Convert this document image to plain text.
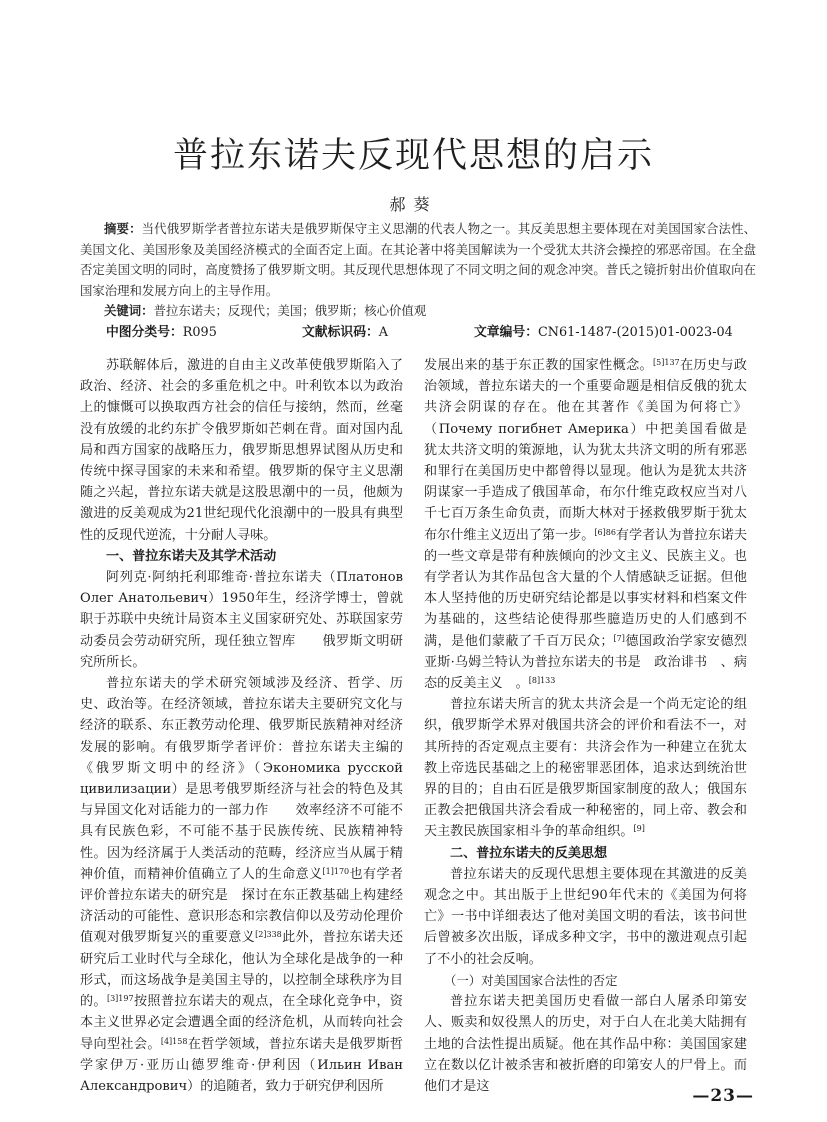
普拉东诺夫反现代思想的启示
郝葵

摘要：当代俄罗斯学者普拉东诺夫是俄罗斯保守主义思潮的代表人物之一。其反美思想主要体现在对美国国家合法性、美国文化、美国形象及美国经济模式的全面否定上面。在其论著中将美国解读为一个受犹太共济会操控的邪恶帝国。在全盘否定美国文明的同时，高度赞扬了俄罗斯文明。其反现代思想体现了不同文明之间的观念冲突。普氏之镜折射出价值取向在国家治理和发展方向上的主导作用。

关键词：普拉东诺夫；反现代；美国；俄罗斯；核心价值观

中图分类号：R095	文献标识码：A	文章编号：CN61-1487-(2015)01-0023-04

苏联解体后，激进的自由主义改革使俄罗斯陷入了政治、经济、社会的多重危机之中。叶利钦本以为政治上的慷慨可以换取西方社会的信任与接纳，然而，丝毫没有放缓的北约东扩令俄罗斯如芒刺在背。面对国内乱局和西方国家的战略压力，俄罗斯思想界试图从历史和传统中探寻国家的未来和希望。俄罗斯的保守主义思潮随之兴起，普拉东诺夫就是这股思潮中的一员，他颇为激进的反美观成为21世纪现代化浪潮中的一股具有典型性的反现代逆流，十分耐人寻味。

一、普拉东诺夫及其学术活动

阿列克·阿纳托利耶维奇·普拉东诺夫（Платонов Олег Анатольевич）1950年生，经济学博士，曾就职于苏联中央统计局资本主义国家研究处、苏联国家劳动委员会劳动研究所，现任独立智库　　俄罗斯文明研究所所长。

普拉东诺夫的学术研究领域涉及经济、哲学、历史、政治等。在经济领域，普拉东诺夫主要研究文化与经济的联系、东正教劳动伦理、俄罗斯民族精神对经济发展的影响。有俄罗斯学者评价：普拉东诺夫主编的《俄罗斯文明中的经济》（Экономика русской цивилизации）是思考俄罗斯经济与社会的特色及其与异国文化对话能力的一部力作　　效率经济不可能不具有民族色彩，不可能不基于民族传统、民族精神特性。因为经济属于人类活动的范畴，经济应当从属于精神价值，而精神价值确立了人的生命意义$^{[1]170}$也有学者评价普拉东诺夫的研究是　探讨在东正教基础上构建经济活动的可能性、意识形态和宗教信仰以及劳动伦理价值观对俄罗斯复兴的重要意义$^{[2]338}$此外，普拉东诺夫还研究后工业时代与全球化，他认为全球化是战争的一种形式，而这场战争是美国主导的，以控制全球秩序为目的。$^{[3]197}$按照普拉东诺夫的观点，在全球化竞争中，资本主义世界必定会遭遇全面的经济危机，从而转向社会导向型社会。$^{[4]158}$在哲学领域，普拉东诺夫是俄罗斯哲学家伊万·亚历山德罗维奇·伊利因（Ильин Иван Александрович）的追随者，致力于研究伊利因所

发展出来的基于东正教的国家性概念。$^{[5]137}$在历史与政治领域，普拉东诺夫的一个重要命题是相信反俄的犹太共济会阴谋的存在。他在其著作《美国为何将亡》（Почему погибнет Америка）中把美国看做是　犹太共济文明的策源地，认为犹太共济文明的所有邪恶和罪行在美国历史中都曾得以显现。他认为是犹太共济阴谋家一手造成了俄国革命，布尔什维克政权应当对八千七百万条生命负责，而斯大林对于拯救俄罗斯于犹太布尔什维主义迈出了第一步。$^{[6]86}$有学者认为普拉东诺夫的一些文章是带有种族倾向的沙文主义、民族主义。也有学者认为其作品包含大量的个人情感缺乏证据。但他本人坚持他的历史研究结论都是以事实材料和档案文件为基础的，这些结论使得那些臆造历史的人们感到不满，是他们蒙蔽了千百万民众；[7]德国政治学家安德烈亚斯·乌姆兰特认为普拉东诺夫的书是　政治诽书　、病态的反美主义　。$^{[8]133}$

普拉东诺夫所言的犹太共济会是一个尚无定论的组织，俄罗斯学术界对俄国共济会的评价和看法不一，对其所持的否定观点主要有：共济会作为一种建立在犹太教上帝选民基础之上的秘密罪恶团体，追求达到统治世界的目的；自由石匠是俄罗斯国家制度的敌人；俄国东正教会把俄国共济会看成一种秘密的，同上帝、教会和天主教民族国家相斗争的革命组织。[9]

二、普拉东诺夫的反美思想

普拉东诺夫的反现代思想主要体现在其激进的反美观念之中。其出版于上世纪90年代末的《美国为何将亡》一书中详细表达了他对美国文明的看法，该书问世后曾被多次出版，译成多种文字，书中的激进观点引起了不小的社会反响。

（一）对美国国家合法性的否定

普拉东诺夫把美国历史看做一部白人屠杀印第安人、贩卖和奴役黑人的历史，对于白人在北美大陆拥有土地的合法性提出质疑。他在其作品中称：美国国家建立在数以亿计被杀害和被折磨的印第安人的尸骨上。而他们才是这	—23—
